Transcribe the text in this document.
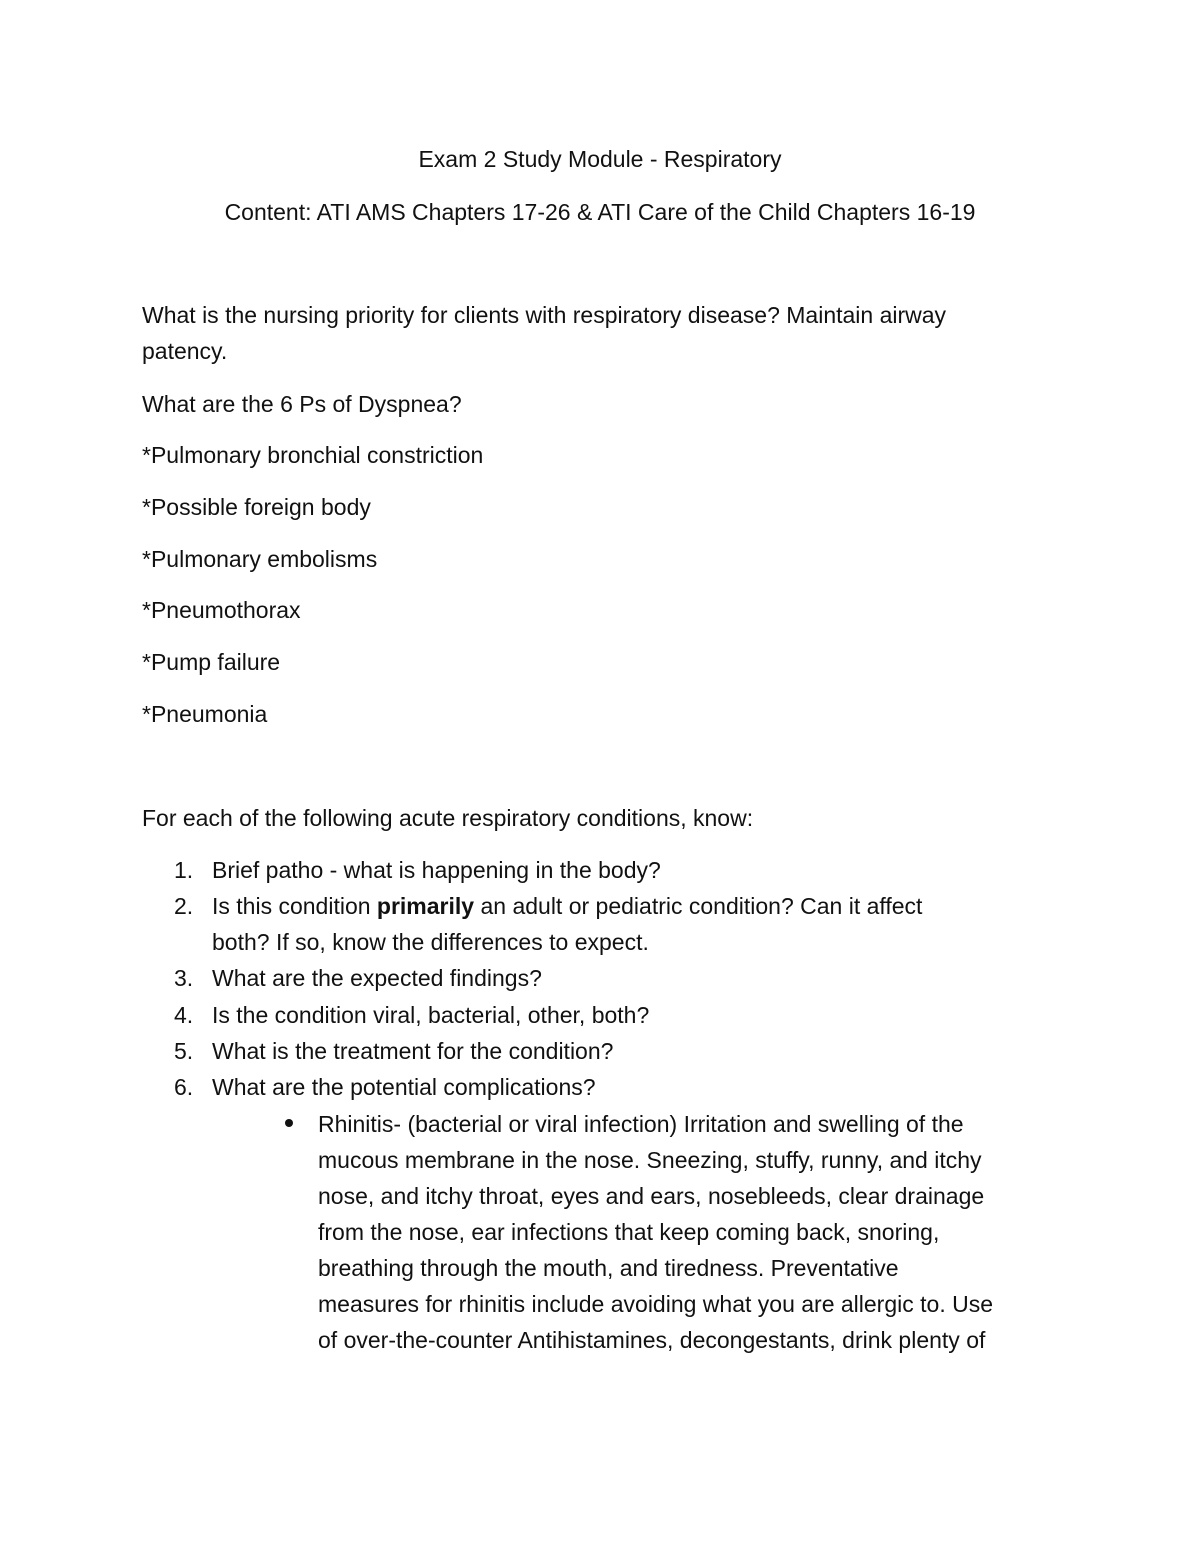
Exam 2 Study Module - Respiratory
Content: ATI AMS Chapters 17-26 & ATI Care of the Child Chapters 16-19
What is the nursing priority for clients with respiratory disease? Maintain airway
patency.
What are the 6 Ps of Dyspnea?
*Pulmonary bronchial constriction
*Possible foreign body
*Pulmonary embolisms
*Pneumothorax
*Pump failure
*Pneumonia
For each of the following acute respiratory conditions, know:
1. Brief patho - what is happening in the body?
2. Is this condition primarily an adult or pediatric condition? Can it affect
both? If so, know the differences to expect.
3. What are the expected findings?
4. Is the condition viral, bacterial, other, both?
5. What is the treatment for the condition?
6. What are the potential complications?
Rhinitis- (bacterial or viral infection) Irritation and swelling of the
mucous membrane in the nose. Sneezing, stuffy, runny, and itchy
nose, and itchy throat, eyes and ears, nosebleeds, clear drainage
from the nose, ear infections that keep coming back, snoring,
breathing through the mouth, and tiredness. Preventative
measures for rhinitis include avoiding what you are allergic to. Use
of over-the-counter Antihistamines, decongestants, drink plenty of
